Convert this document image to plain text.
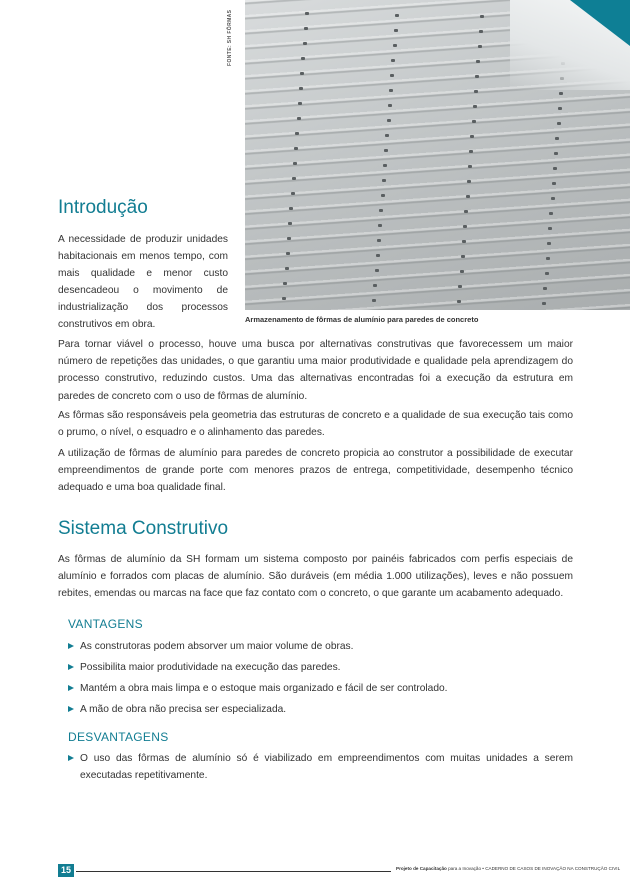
FONTE: SH FÔRMAS
Armazenamento de fôrmas de alumínio para paredes de concreto
Introdução
A necessidade de produzir unidades habitacionais em menos tempo, com mais qualidade e menor custo desencadeou o movimento de industrialização dos processos construtivos em obra.

Para tornar viável o processo, houve uma busca por alternativas construtivas que favorecessem um maior número de repetições das unidades, o que garantiu uma maior produtividade e qualidade pela aprendizagem do processo construtivo, reduzindo custos. Uma das alternativas encontradas foi a execução da estrutura em paredes de concreto com o uso de fôrmas de alumínio.

As fôrmas são responsáveis pela geometria das estruturas de concreto e a qualidade de sua execução tais como o prumo, o nível, o esquadro e o alinhamento das paredes.

A utilização de fôrmas de alumínio para paredes de concreto propicia ao construtor a possibilidade de executar empreendimentos de grande porte com menores prazos de entrega, competitividade, desempenho técnico adequado e uma boa qualidade final.

Sistema Construtivo

As fôrmas de alumínio da SH formam um sistema composto por painéis fabricados com perfis especiais de alumínio e forrados com placas de alumínio. São duráveis (em média 1.000 utilizações), leves e não possuem rebites, emendas ou marcas na face que faz contato com o concreto, o que garante um acabamento adequado.

VANTAGENS
As construtoras podem absorver um maior volume de obras.
Possibilita maior produtividade na execução das paredes.
Mantém a obra mais limpa e o estoque mais organizado e fácil de ser controlado.
A mão de obra não precisa ser especializada.
DESVANTAGENS
O uso das fôrmas de alumínio só é viabilizado em empreendimentos com muitas unidades a serem executadas repetitivamente.
15	Projeto de Capacitação para a Inovação • CADERNO DE CASOS DE INOVAÇÃO NA CONSTRUÇÃO CIVIL
